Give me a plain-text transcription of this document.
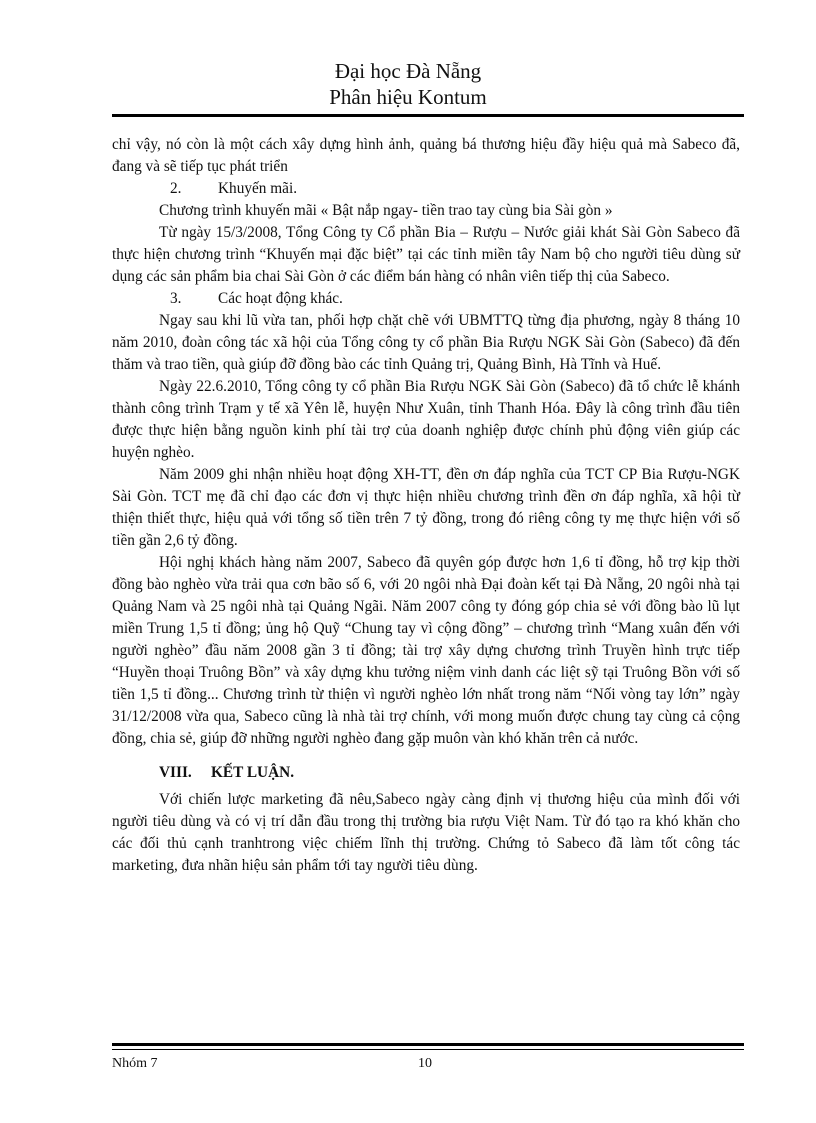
Đại học Đà Nẵng
Phân hiệu Kontum

chỉ vậy, nó còn là một cách xây dựng hình ảnh, quảng bá thương hiệu đầy hiệu quả mà Sabeco đã, đang và sẽ tiếp tục phát triển

2. Khuyến mãi.

Chương trình khuyến mãi « Bật nắp ngay- tiền trao tay cùng bia Sài gòn »

Từ ngày 15/3/2008, Tổng Công ty Cổ phần Bia – Rượu – Nước giải khát Sài Gòn Sabeco đã thực hiện chương trình “Khuyến mại đặc biệt” tại các tỉnh miền tây Nam bộ cho người tiêu dùng sử dụng các sản phẩm bia chai Sài Gòn ở các điểm bán hàng có nhân viên tiếp thị của Sabeco.

3. Các hoạt động khác.

Ngay sau khi lũ vừa tan, phối hợp chặt chẽ với UBMTTQ từng địa phương, ngày 8 tháng 10 năm 2010, đoàn công tác xã hội của Tổng công ty cổ phần Bia Rượu NGK Sài Gòn (Sabeco) đã đến thăm và trao tiền, quà giúp đỡ đồng bào các tỉnh Quảng trị, Quảng Bình, Hà Tĩnh và Huế.

Ngày 22.6.2010, Tổng công ty cổ phần Bia Rượu NGK Sài Gòn (Sabeco) đã tổ chức lễ khánh thành công trình Trạm y tế xã Yên lễ, huyện Như Xuân, tỉnh Thanh Hóa. Đây là công trình đầu tiên được thực hiện bằng nguồn kinh phí tài trợ của doanh nghiệp được chính phủ động viên giúp các huyện nghèo.

Năm 2009 ghi nhận nhiều hoạt động XH-TT, đền ơn đáp nghĩa của TCT CP Bia Rượu-NGK Sài Gòn. TCT mẹ đã chỉ đạo các đơn vị thực hiện nhiều chương trình đền ơn đáp nghĩa, xã hội từ thiện thiết thực, hiệu quả với tổng số tiền trên 7 tỷ đồng, trong đó riêng công ty mẹ thực hiện với số tiền gần 2,6 tỷ đồng.

Hội nghị khách hàng năm 2007, Sabeco đã quyên góp được hơn 1,6 tỉ đồng, hỗ trợ kịp thời đồng bào nghèo vừa trải qua cơn bão số 6, với 20 ngôi nhà Đại đoàn kết tại Đà Nẵng, 20 ngôi nhà tại Quảng Nam và 25 ngôi nhà tại Quảng Ngãi. Năm 2007 công ty đóng góp chia sẻ với đồng bào lũ lụt miền Trung 1,5 tỉ đồng; ủng hộ Quỹ “Chung tay vì cộng đồng” – chương trình “Mang xuân đến với người nghèo” đầu năm 2008 gần 3 tỉ đồng; tài trợ xây dựng chương trình Truyền hình trực tiếp “Huyền thoại Truông Bồn” và xây dựng khu tưởng niệm vinh danh các liệt sỹ tại Truông Bồn với số tiền 1,5 tỉ đồng... Chương trình từ thiện vì người nghèo lớn nhất trong năm “Nối vòng tay lớn” ngày 31/12/2008 vừa qua, Sabeco cũng là nhà tài trợ chính, với mong muốn được chung tay cùng cả cộng đồng, chia sẻ, giúp đỡ những người nghèo đang gặp muôn vàn khó khăn trên cả nước.

VIII. KẾT LUẬN.

Với chiến lược marketing đã nêu,Sabeco ngày càng định vị thương hiệu của mình đối với người tiêu dùng và có vị trí dẫn đầu trong thị trường bia rượu Việt Nam. Từ đó tạo ra khó khăn cho các đối thủ cạnh tranhtrong việc chiếm lĩnh thị trường. Chứng tỏ Sabeco đã làm tốt công tác marketing, đưa nhãn hiệu sản phẩm tới tay người tiêu dùng.

Nhóm 7	10
